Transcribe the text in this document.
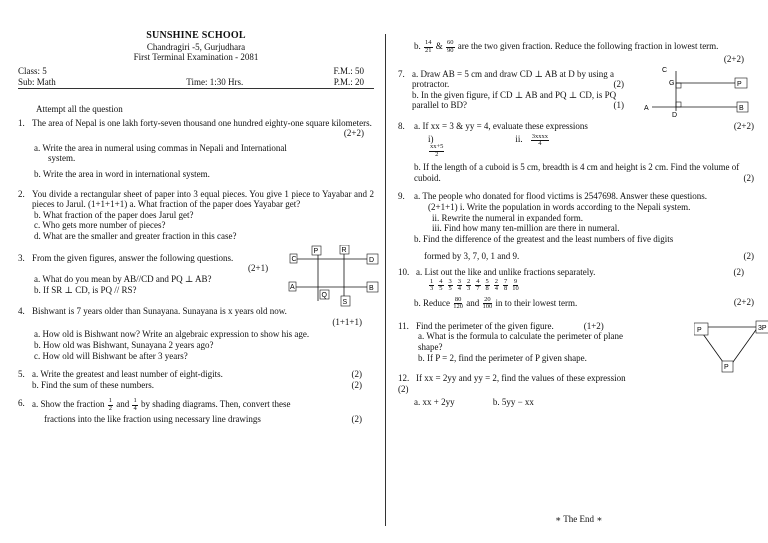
SUNSHINE SCHOOL
Chandragiri -5, Gurjudhara
First Terminal Examination - 2081
Class: 5	F.M.: 50
Sub: Math	Time: 1:30 Hrs.	P.M.: 20
Attempt all the question
1. The area of Nepal is one lakh forty-seven thousand one hundred eighty-one square kilometers.
(2+2)
a. Write the area in numeral using commas in Nepali and International
system.
b. Write the area in word in international system.
2. You divide a rectangular sheet of paper into 3 equal pieces. You give 1 piece to Yayabar and 2 pieces to Jarul. (1+1+1+1) a. What fraction of the paper does Yayabar get?
b. What fraction of the paper does Jarul get?
c. Who gets more number of pieces?
d. What are the smaller and greater fraction in this case?
3. From the given figures, answer the following questions.
(2+1)
a. What do you mean by AB//CD and PQ ⊥ AB?
b. If SR ⊥ CD, is PQ // RS?
C
P	R
D
A	B
Q
S
4. Bishwant is 7 years older than Sunayana. Sunayana is x years old now.
(1+1+1)
a. How old is Bishwant now? Write an algebraic expression to show his age.
b. How old was Bishwant, Sunayana 2 years ago?
c. How old will Bishwant be after 3 years?
5. a. Write the greatest and least number of eight-digits.	(2)
b. Find the sum of these numbers.	(2)
6. a. Show the fraction $\frac{1}{2}$ and $\frac{1}{4}$ by shading diagrams. Then, convert these
fractions into the like fraction using necessary line drawings	(2)
b. $\frac{14}{21}$ & $\frac{60}{90}$ are the two given fraction. Reduce the following fraction in lowest term.
(2+2)
7. a. Draw AB = 5 cm and draw CD ⊥ AB at D by using a protractor.	(2)
b. In the given figure, if CD ⊥ AB and PQ ⊥ CD, is PQ parallel to BD?	(1)
C
G	P
A
D
B
8.	a. If xx = 3 & yy = 4, evaluate these expressions	(2+2)
i)

$\frac{xx+5}{2}$
ii. $\frac{\text{3xxxx}}{4}$
b. If the length of a cuboid is 5 cm, breadth is 4 cm and height is 2 cm. Find the volume of cuboid.	(2)
9.	a. The people who donated for flood victims is 2547698. Answer these questions.
(2+1+1) i. Write the population in words according to the Nepali system.
ii. Rewrite the numeral in expanded form.
iii. Find how many ten-million are there in numeral.
b. Find the difference of the greatest and the least numbers of five digits
formed by 3, 7, 0, 1 and 9.	(2)
10. a. List out the like and unlike fractions separately.	(2)
$\frac{1}{3} \frac{4}{5} \frac{3}{5} \frac{3}{4} \frac{2}{3} \frac{4}{7} \frac{5}{8} \frac{2}{4} \frac{7}{8} \frac{9}{10}$
b. Reduce $\frac{80}{120}$ and $\frac{20}{100}$ in to their lowest term.	(2+2)
11. Find the perimeter of the given figure.	(1+2)
a. What is the formula to calculate the perimeter of plane shape?
b. If P = 2, find the perimeter of P given shape.
P	3P
P
12. If xx = 2yy and yy = 2, find the values of these expression
(2)
a. xx + 2yy	b. 5yy − xx
∗ The End ∗
